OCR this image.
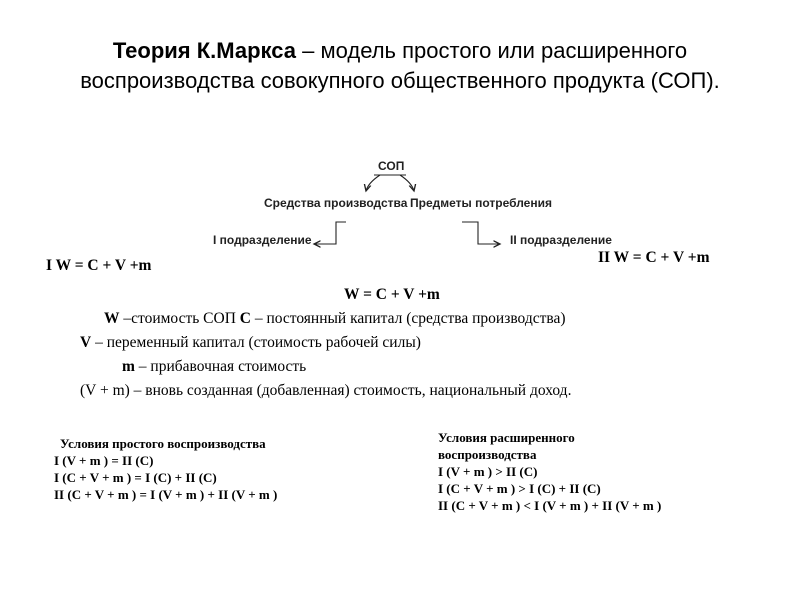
Теория К.Маркса – модель простого или расширенного воспроизводства совокупного общественного продукта (СОП).
СОП
Средства производства Предметы потребления
I подразделение	II подразделение
I W = C + V +m	II W = C + V +m
W = C + V +m
W –стоимость СОП С – постоянный капитал (средства производства)
V – переменный капитал (стоимость рабочей силы)
m – прибавочная стоимость
(V + m) – вновь созданная (добавленная) стоимость, национальный доход.
Условия простого воспроизводства
I (V + m ) = II (C)
I (C + V + m ) = I (C) + II (C)
II (C + V + m ) = I (V + m ) + II (V + m )
Условия расширенного
воспроизводства
I (V + m ) > II (C)
I (C + V + m ) > I (C) + II (C)
II (C + V + m ) < I (V + m ) + II (V + m )
